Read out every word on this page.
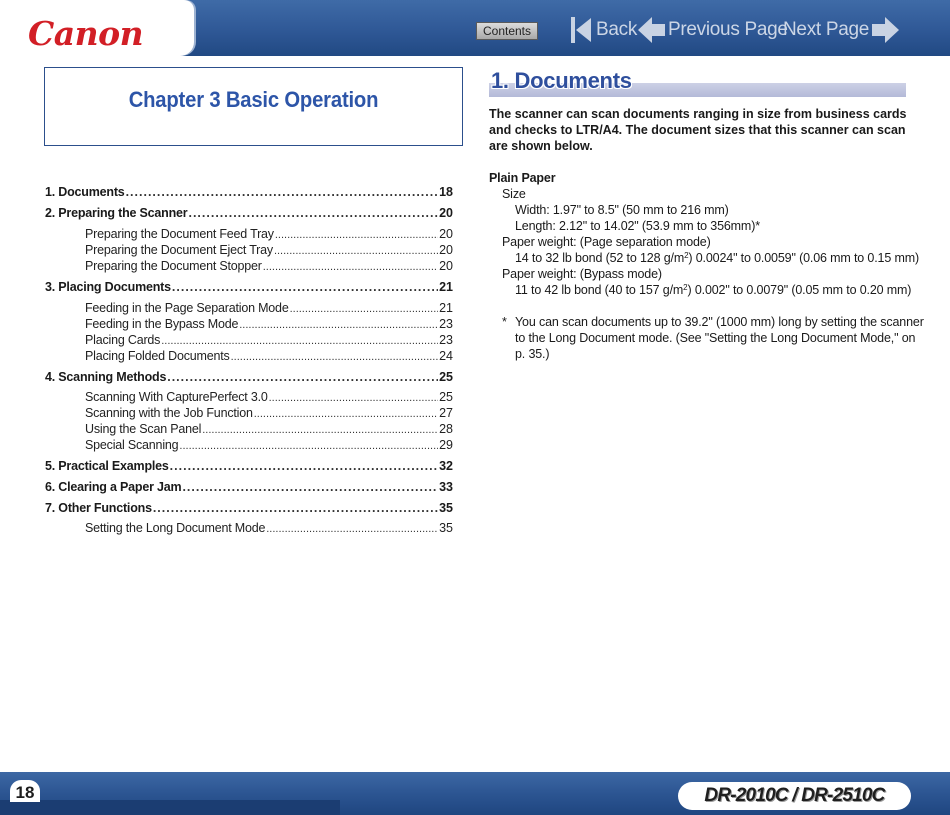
Canon	Contents	Back Previous Page
Next Page
Chapter 3 Basic Operation
1. Documents .....	18
2. Preparing the Scanner .....	20
Preparing the Document Feed Tray .....	20
Preparing the Document Eject Tray .....	20
Preparing the Document Stopper .....	20
3. Placing Documents .....	21
Feeding in the Page Separation Mode .....	21
Feeding in the Bypass Mode .....	23
Placing Cards .....	23
Placing Folded Documents .....	24
4. Scanning Methods .....	25
Scanning With CapturePerfect 3.0 .....	25
Scanning with the Job Function .....	27
Using the Scan Panel .....	28
Special Scanning .....	29
5. Practical Examples .....	32
6. Clearing a Paper Jam .....	33
7. Other Functions .....	35
Setting the Long Document Mode .....	35
1. Documents
The scanner can scan documents ranging in size from business cards and checks to LTR/A4. The document sizes that this scanner can scan are shown below.
Plain Paper
Size
Width: 1.97" to 8.5" (50 mm to 216 mm)
Length: 2.12" to 14.02" (53.9 mm to 356mm)*
Paper weight: (Page separation mode)
14 to 32 lb bond (52 to 128 $g/m^2$) 0.0024" to 0.0059" (0.06 mm to 0.15 mm)
Paper weight: (Bypass mode)
11 to 42 lb bond (40 to 157 $g/m^2$) 0.002" to 0.0079" (0.05 mm to 0.20 mm)
* You can scan documents up to 39.2" (1000 mm) long by setting the scanner
to the Long Document mode. (See "Setting the Long Document Mode," on
p. 35.)
18	DR-2010C / DR-2510C
